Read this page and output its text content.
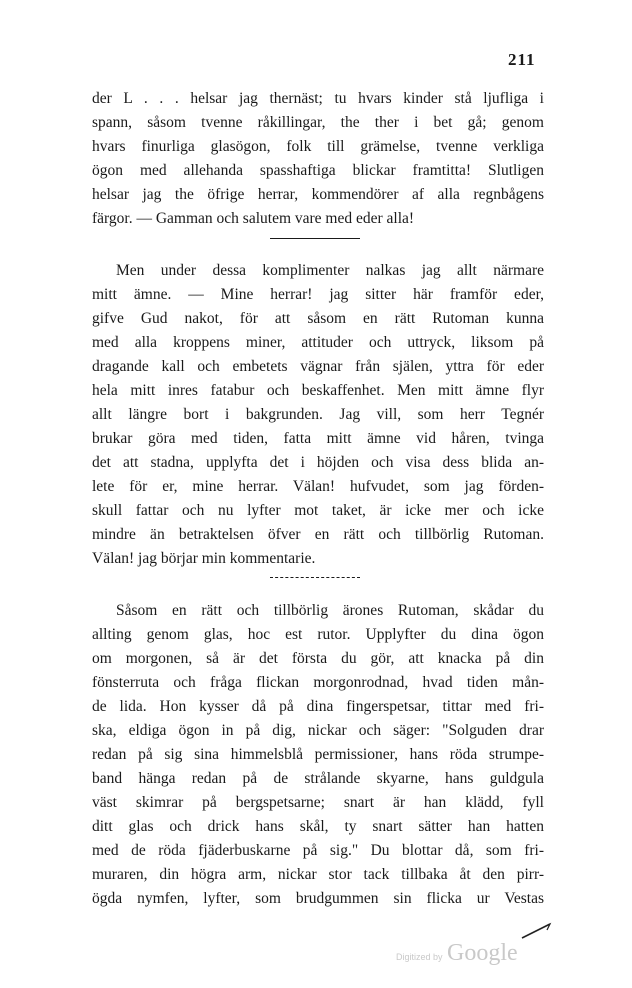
211
der L . . . helsar jag thernäst; tu hvars kinder stå ljufliga i
spann, såsom tvenne råkillingar, the ther i bet gå; genom
hvars finurliga glasögon, folk till grämelse, tvenne verkliga
ögon med allehanda spasshaftiga blickar framtitta! Slutligen
helsar jag the öfrige herrar, kommendörer af alla regnbågens
färgor. — Gamman och salutem vare med eder alla!
Men under dessa komplimenter nalkas jag allt närmare
mitt ämne. — Mine herrar! jag sitter här framför eder,
gifve Gud nakot, för att såsom en rätt Rutoman kunna
med alla kroppens miner, attituder och uttryck, liksom på
dragande kall och embetets vägnar från själen, yttra för eder
hela mitt inres fatabur och beskaffenhet. Men mitt ämne flyr
allt längre bort i bakgrunden. Jag vill, som herr Tegnér
brukar göra med tiden, fatta mitt ämne vid håren, tvinga
det att stadna, upplyfta det i höjden och visa dess blida an-
lete för er, mine herrar. Välan! hufvudet, som jag förden-
skull fattar och nu lyfter mot taket, är icke mer och icke
mindre än betraktelsen öfver en rätt och tillbörlig Rutoman.
Välan! jag börjar min kommentarie.
Såsom en rätt och tillbörlig ärones Rutoman, skådar du
allting genom glas, hoc est rutor. Upplyfter du dina ögon
om morgonen, så är det första du gör, att knacka på din
fönsterruta och fråga flickan morgonrodnad, hvad tiden mån-
de lida. Hon kysser då på dina fingerspetsar, tittar med fri-
ska, eldiga ögon in på dig, nickar och säger: "Solguden drar
redan på sig sina himmelsblå permissioner, hans röda strumpe-
band hänga redan på de strålande skyarne, hans guldgula
väst skimrar på bergspetsarne; snart är han klädd, fyll
ditt glas och drick hans skål, ty snart sätter han hatten
med de röda fjäderbuskarne på sig." Du blottar då, som fri-
muraren, din högra arm, nickar stor tack tillbaka åt den pirr-
ögda nymfen, lyfter, som brudgummen sin flicka ur Vestas
Digitized by Google
